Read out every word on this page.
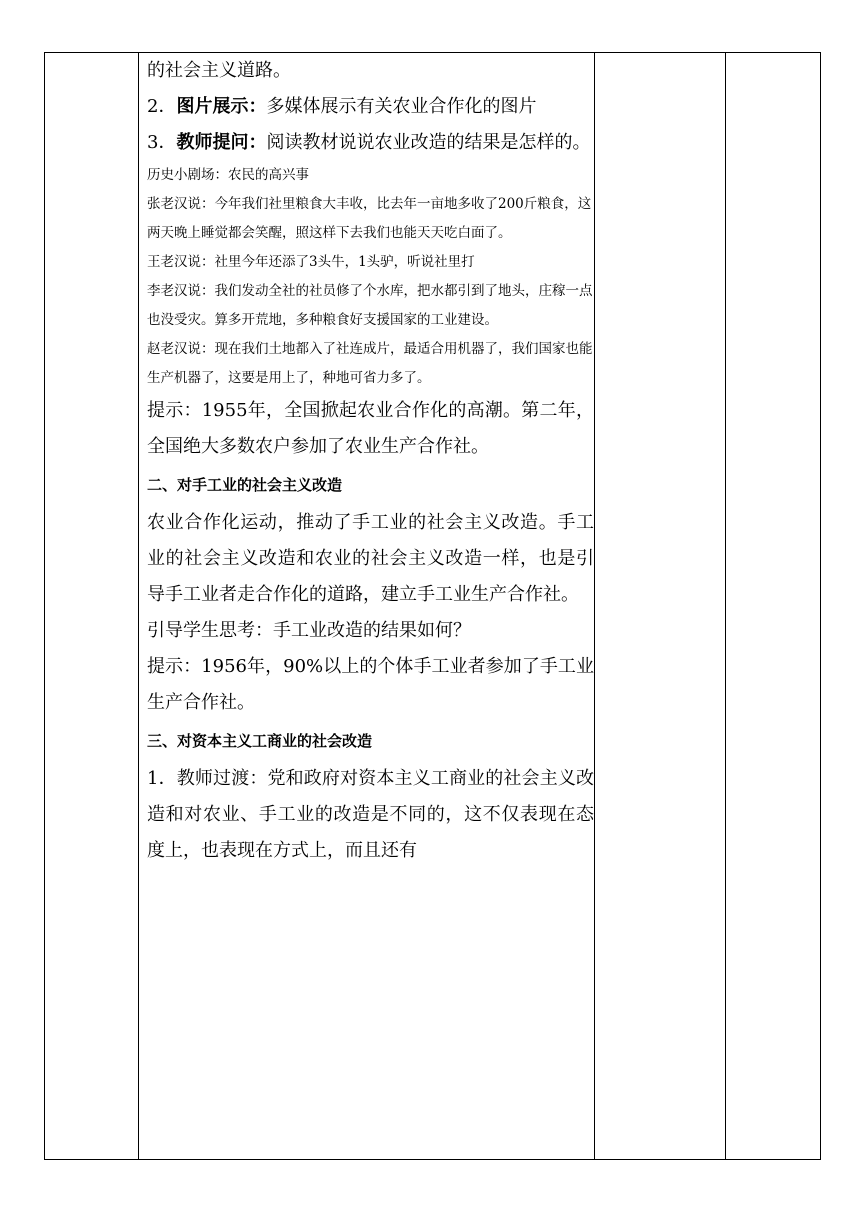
的社会主义道路。

2．图片展示：多媒体展示有关农业合作化的图片

3．教师提问：阅读教材说说农业改造的结果是怎样的。

历史小剧场：农民的高兴事

张老汉说：今年我们社里粮食大丰收，比去年一亩地多收了200斤粮食，这两天晚上睡觉都会笑醒，照这样下去我们也能天天吃白面了。

王老汉说：社里今年还添了3头牛，1头驴，听说社里打

李老汉说：我们发动全社的社员修了个水库，把水都引到了地头，庄稼一点也没受灾。算多开荒地，多种粮食好支援国家的工业建设。

赵老汉说：现在我们土地都入了社连成片，最适合用机器了，我们国家也能生产机器了，这要是用上了，种地可省力多了。

提示：1955年，全国掀起农业合作化的高潮。第二年，全国绝大多数农户参加了农业生产合作社。

二、对手工业的社会主义改造

农业合作化运动，推动了手工业的社会主义改造。手工业的社会主义改造和农业的社会主义改造一样，也是引导手工业者走合作化的道路，建立手工业生产合作社。

引导学生思考：手工业改造的结果如何？

提示：1956年，90%以上的个体手工业者参加了手工业生产合作社。

三、对资本主义工商业的社会改造

1．教师过渡：党和政府对资本主义工商业的社会主义改造和对农业、手工业的改造是不同的，这不仅表现在态度上，也表现在方式上，而且还有
